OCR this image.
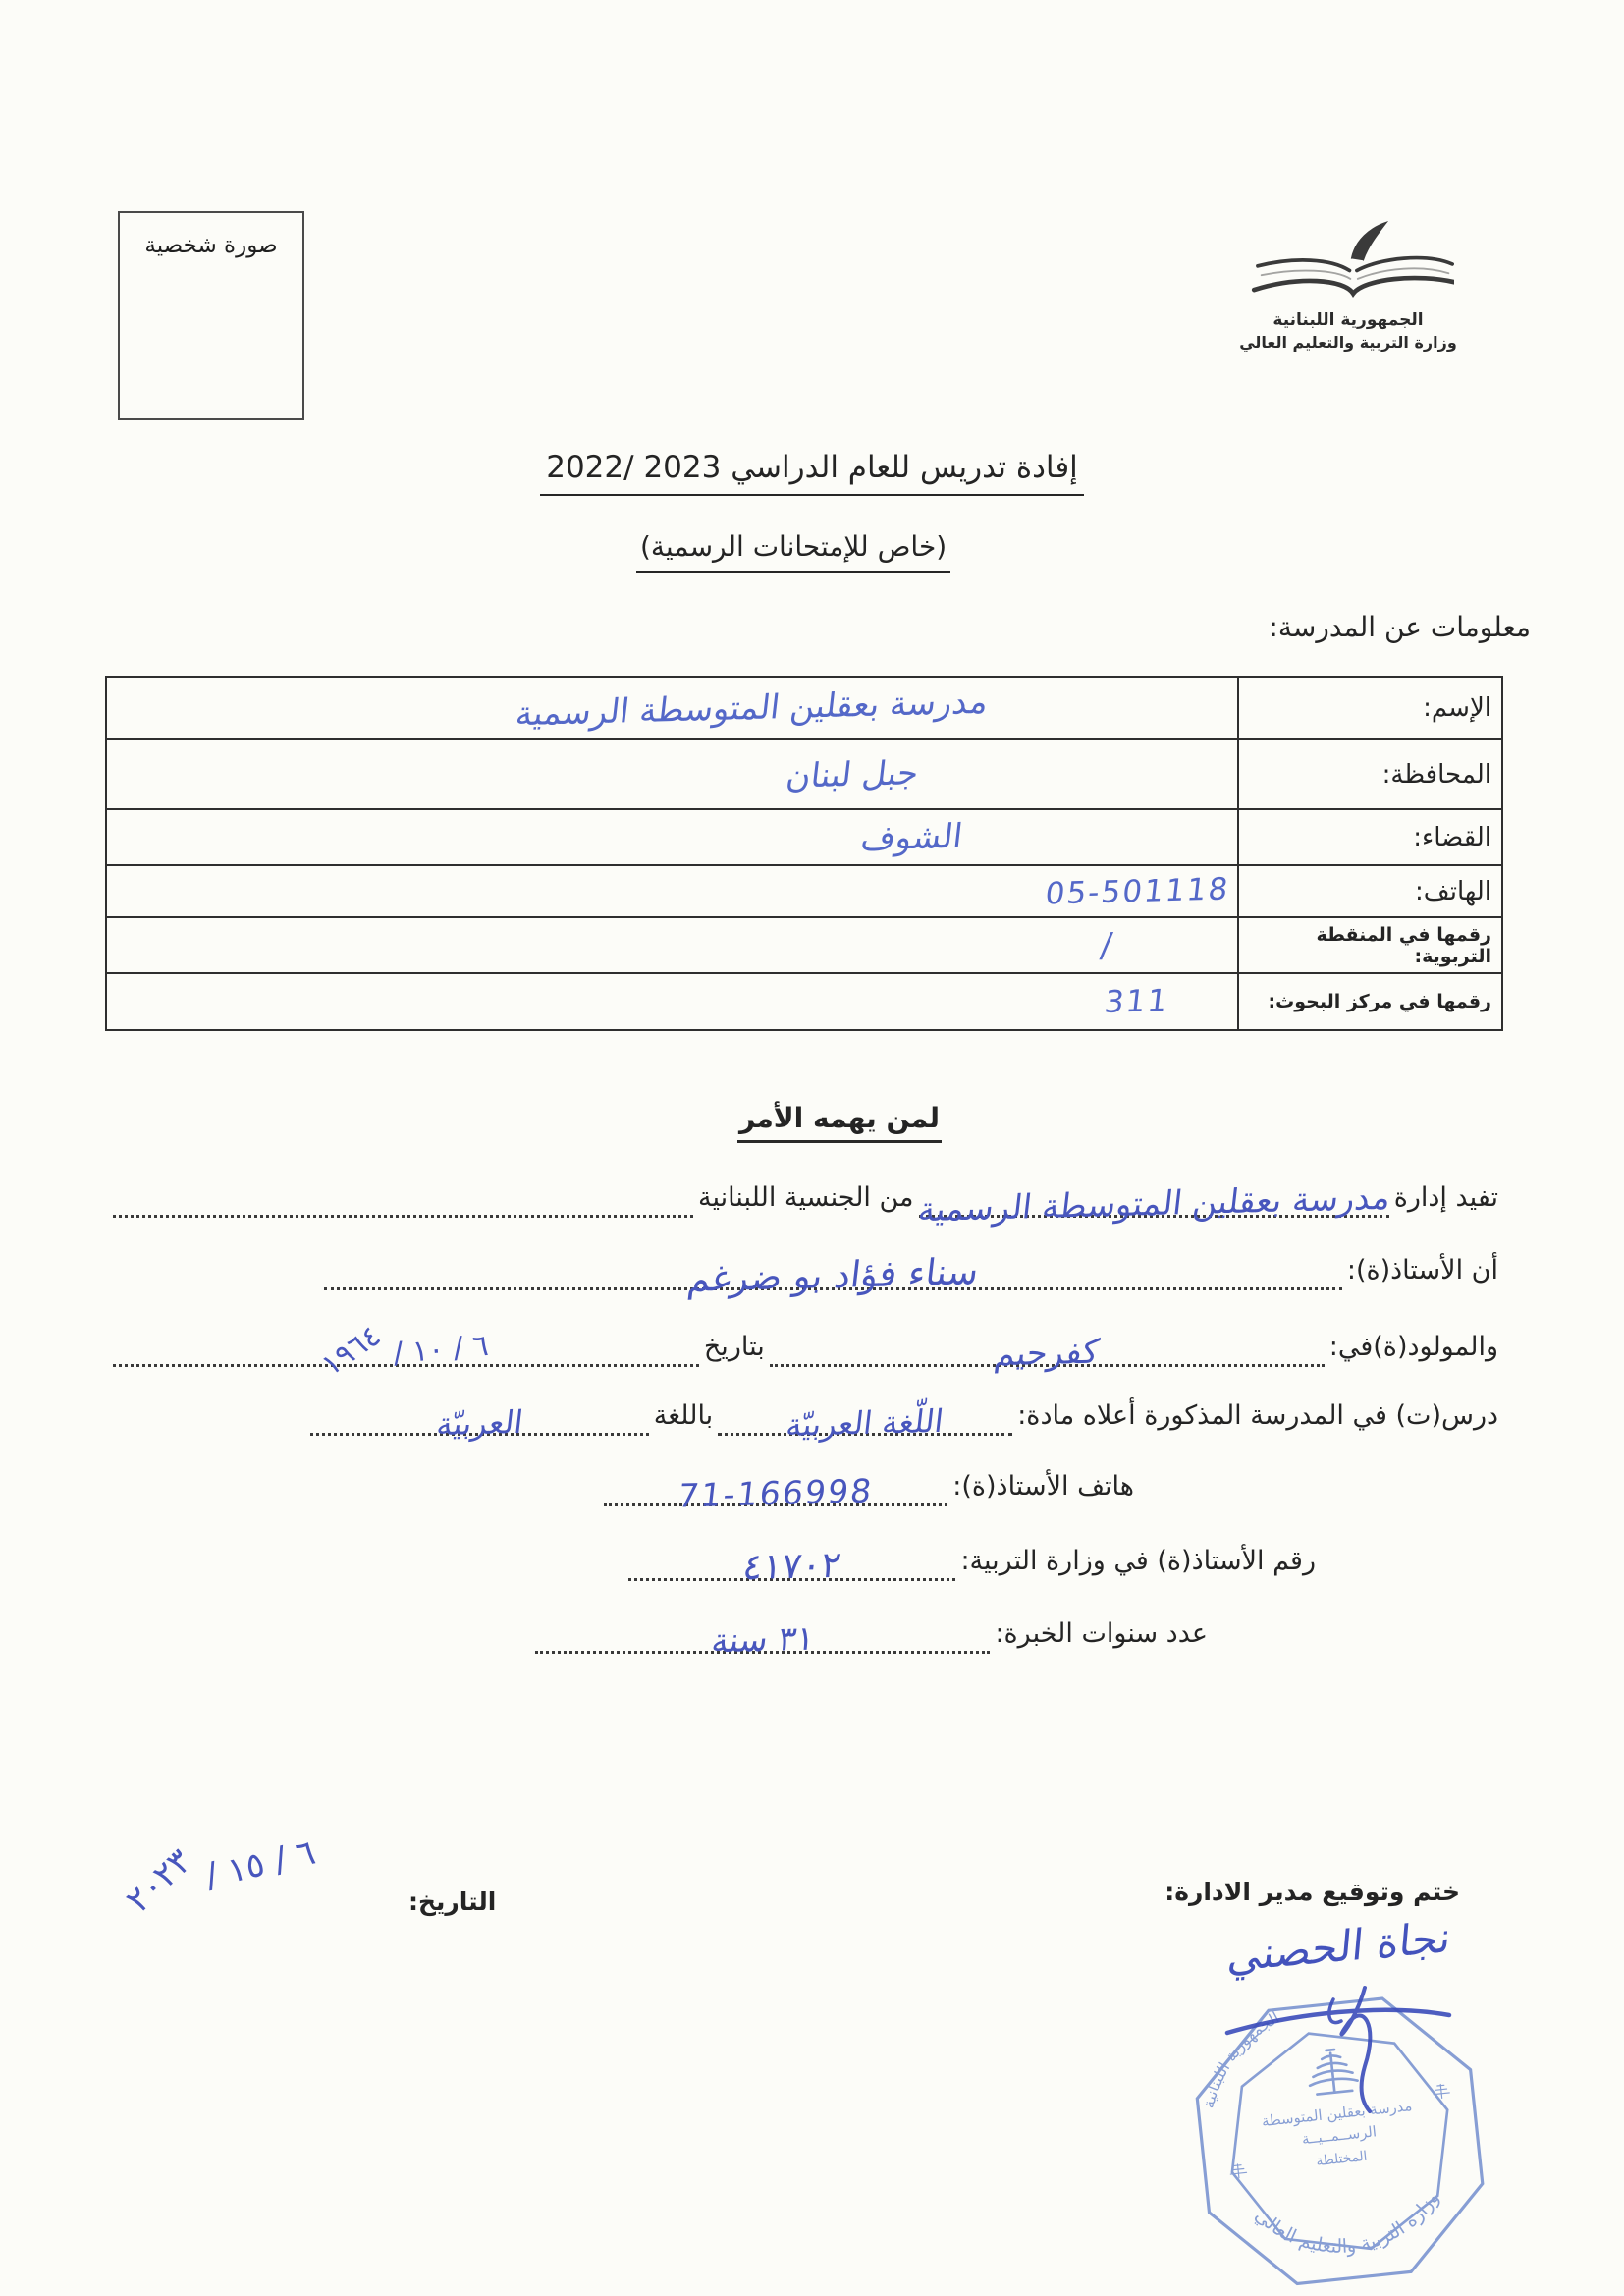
صورة شخصية
الجمهورية اللبنانية
وزارة التربية والتعليم العالي
إفادة تدريس للعام الدراسي 2023 /2022
(خاص للإمتحانات الرسمية)
معلومات عن المدرسة:
مدرسة بعقلين المتوسطة الرسمية	الإسم:
جبل لبنان	المحافظة:
الشوف	القضاء:
05-501118	الهاتف:
/	رقمها في المنقطة التربوية:
311	رقمها في مركز البحوث:
لمن يهمه الأمر
تفيد إدارة
مدرسة بعقلين المتوسطة الرسمية
من الجنسية اللبنانية
أن الأستاذ(ة):
سناء فؤاد بو ضرغم
والمولود(ة)في:
كفرحيم
بتاريخ
١٩٦٤ / ٦ / ١٠
درس(ت) في المدرسة المذكورة أعلاه مادة:
اللّغة العربيّة
باللغة
العربيّة
هاتف الأستاذ(ة):
71-166998
رقم الأستاذ(ة) في وزارة التربية:
٤١٧٠٢
عدد سنوات الخبرة:
٣١ سنة
ختم وتوقيع مدير الادارة:
التاريخ:
٢٠٢٣ / ٦ / ١٥
نجاة الحصني
مدرسة بعقلين المتوسطة
الرســمــيــة
المختلطة
الجمهورية اللبنانية
وزارة التربية والتعليم العالي
